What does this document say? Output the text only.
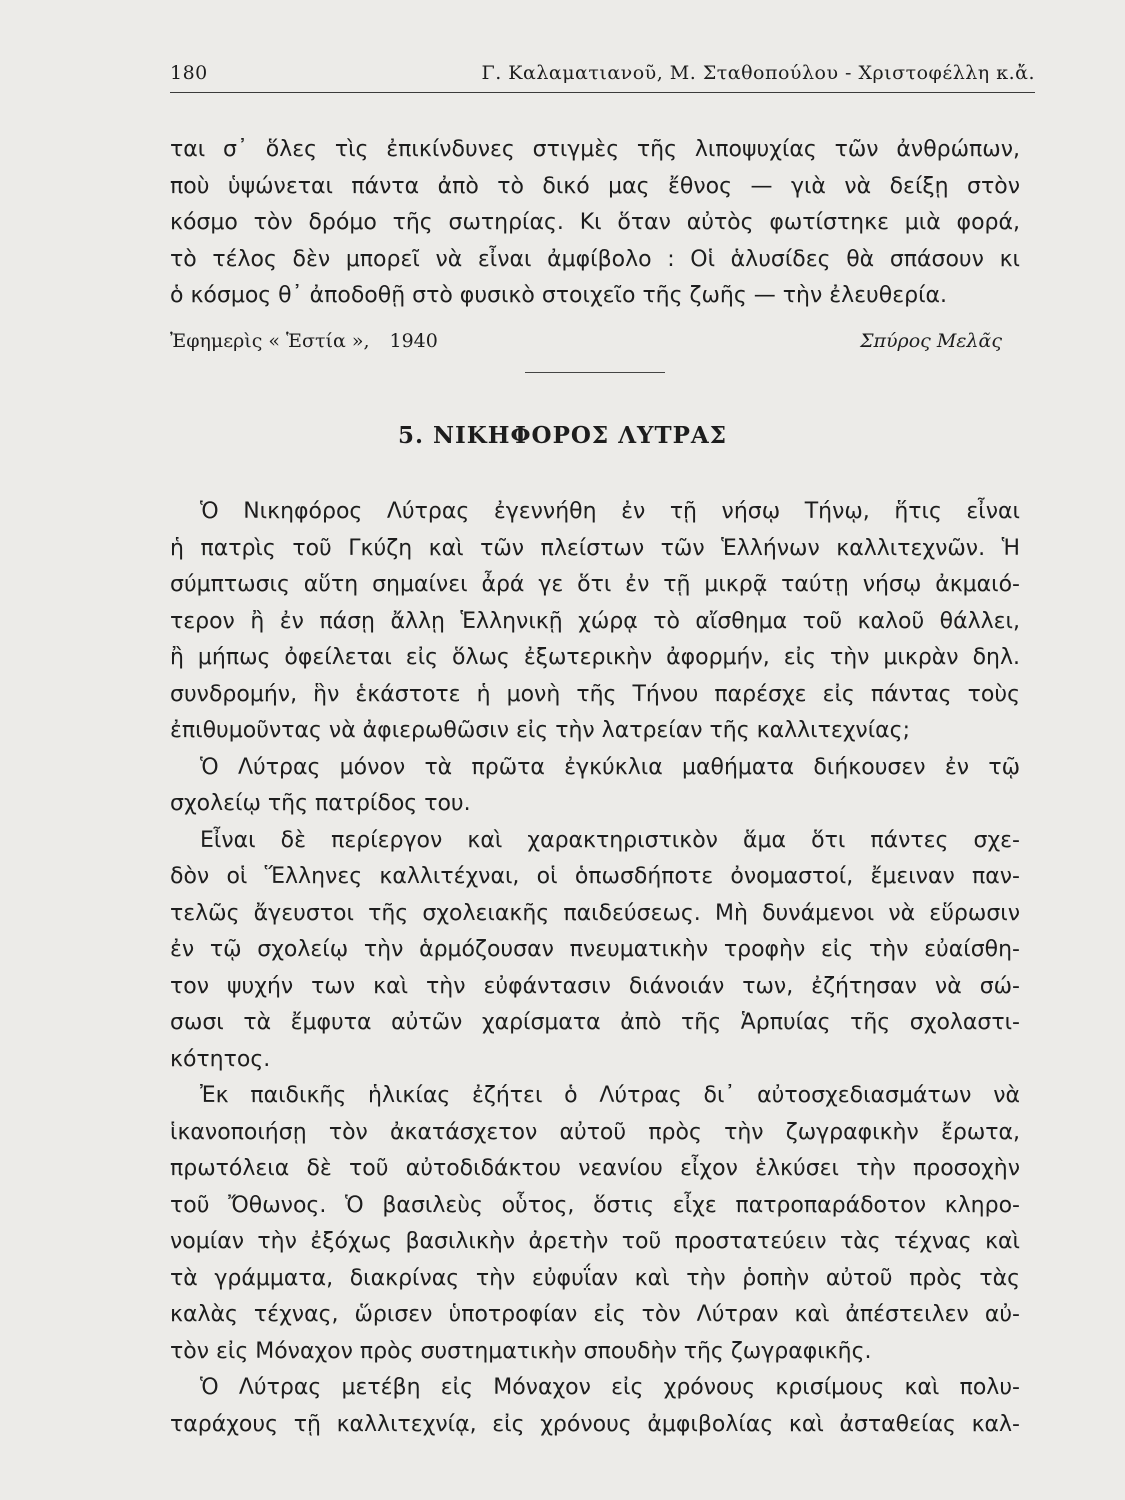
180	Γ. Καλαματιανοῦ, Μ. Σταθοπούλου - Χριστοφέλλη κ.ἄ.
ται σ᾽ ὅλες τὶς ἐπικίνδυνες στιγμὲς τῆς λιποψυχίας τῶν ἀνθρώπων,
ποὺ ὑψώνεται πάντα ἀπὸ τὸ δικό μας ἔθνος — γιὰ νὰ δείξῃ στὸν
κόσμο τὸν δρόμο τῆς σωτηρίας. Κι ὅταν αὐτὸς φωτίστηκε μιὰ φορά,
τὸ τέλος δὲν μπορεῖ νὰ εἶναι ἀμφίβολο : Οἱ ἁλυσίδες θὰ σπάσουν κι
ὁ κόσμος θ᾽ ἀποδοθῇ στὸ φυσικὸ στοιχεῖο τῆς ζωῆς — τὴν ἐλευθερία.
Ἐφημερὶς « Ἑστία », 1940	Σπύρος Μελᾶς
5. ΝΙΚΗΦΟΡΟΣ ΛΥΤΡΑΣ
Ὁ Νικηφόρος Λύτρας ἐγεννήθη ἐν τῇ νήσῳ Τήνῳ, ἥτις εἶναι
ἡ πατρὶς τοῦ Γκύζη καὶ τῶν πλείστων τῶν Ἑλλήνων καλλιτεχνῶν. Ἡ
σύμπτωσις αὕτη σημαίνει ἆρά γε ὅτι ἐν τῇ μικρᾷ ταύτῃ νήσῳ ἀκμαιό-
τερον ἢ ἐν πάσῃ ἄλλῃ Ἑλληνικῇ χώρᾳ τὸ αἴσθημα τοῦ καλοῦ θάλλει,
ἢ μήπως ὀφείλεται εἰς ὅλως ἐξωτερικὴν ἀφορμήν, εἰς τὴν μικρὰν δηλ.
συνδρομήν, ἣν ἑκάστοτε ἡ μονὴ τῆς Τήνου παρέσχε εἰς πάντας τοὺς
ἐπιθυμοῦντας νὰ ἀφιερωθῶσιν εἰς τὴν λατρείαν τῆς καλλιτεχνίας;
Ὁ Λύτρας μόνον τὰ πρῶτα ἐγκύκλια μαθήματα διήκουσεν ἐν τῷ
σχολείῳ τῆς πατρίδος του.
Εἶναι δὲ περίεργον καὶ χαρακτηριστικὸν ἅμα ὅτι πάντες σχε-
δὸν οἱ Ἕλληνες καλλιτέχναι, οἱ ὁπωσδήποτε ὀνομαστοί, ἔμειναν παν-
τελῶς ἄγευστοι τῆς σχολειακῆς παιδεύσεως. Μὴ δυνάμενοι νὰ εὕρωσιν
ἐν τῷ σχολείῳ τὴν ἁρμόζουσαν πνευματικὴν τροφὴν εἰς τὴν εὐαίσθη-
τον ψυχήν των καὶ τὴν εὐφάντασιν διάνοιάν των, ἐζήτησαν νὰ σώ-
σωσι τὰ ἔμφυτα αὐτῶν χαρίσματα ἀπὸ τῆς Ἁρπυίας τῆς σχολαστι-
κότητος.
Ἐκ παιδικῆς ἡλικίας ἐζήτει ὁ Λύτρας δι᾽ αὐτοσχεδιασμάτων νὰ
ἱκανοποιήσῃ τὸν ἀκατάσχετον αὐτοῦ πρὸς τὴν ζωγραφικὴν ἔρωτα,
πρωτόλεια δὲ τοῦ αὐτοδιδάκτου νεανίου εἶχον ἑλκύσει τὴν προσοχὴν
τοῦ Ὄθωνος. Ὁ βασιλεὺς οὗτος, ὅστις εἶχε πατροπαράδοτον κληρο-
νομίαν τὴν ἐξόχως βασιλικὴν ἀρετὴν τοῦ προστατεύειν τὰς τέχνας καὶ
τὰ γράμματα, διακρίνας τὴν εὐφυΐαν καὶ τὴν ῥοπὴν αὐτοῦ πρὸς τὰς
καλὰς τέχνας, ὥρισεν ὑποτροφίαν εἰς τὸν Λύτραν καὶ ἀπέστειλεν αὐ-
τὸν εἰς Μόναχον πρὸς συστηματικὴν σπουδὴν τῆς ζωγραφικῆς.
Ὁ Λύτρας μετέβη εἰς Μόναχον εἰς χρόνους κρισίμους καὶ πολυ-
ταράχους τῇ καλλιτεχνίᾳ, εἰς χρόνους ἀμφιβολίας καὶ ἀσταθείας καλ-
